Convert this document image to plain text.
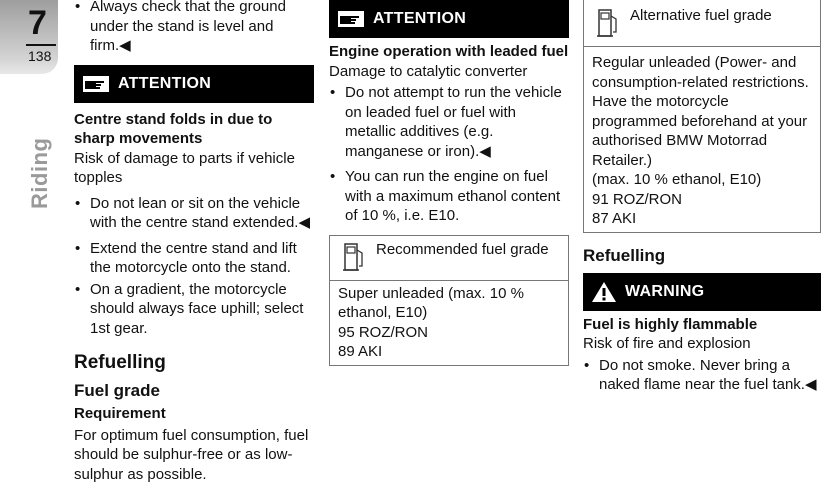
7
138
Riding

• Always check that the ground under the stand is level and firm.◀

ATTENTION

Centre stand folds in due to sharp movements

Risk of damage to parts if vehicle topples

• Do not lean or sit on the vehicle with the centre stand extended.◀

• Extend the centre stand and lift the motorcycle onto the stand.

• On a gradient, the motorcycle should always face uphill; select 1st gear.

Refuelling

Fuel grade

Requirement

For optimum fuel consumption, fuel should be sulphur-free or as low-sulphur as possible.

ATTENTION

Engine operation with leaded fuel

Damage to catalytic converter

• Do not attempt to run the vehicle on leaded fuel or fuel with metallic additives (e.g. manganese or iron).◀

• You can run the engine on fuel with a maximum ethanol content of 10 %, i.e. E10.

Recommended fuel grade

Super unleaded (max. 10 % ethanol, E10)

95 ROZ/RON

89 AKI

Alternative fuel grade

Regular unleaded (Power- and consumption-related restrictions. Have the motorcycle programmed beforehand at your authorised BMW Motorrad Retailer.)

(max. 10 % ethanol, E10)

91 ROZ/RON

87 AKI

Refuelling

WARNING

Fuel is highly flammable

Risk of fire and explosion

• Do not smoke. Never bring a naked flame near the fuel tank.◀
